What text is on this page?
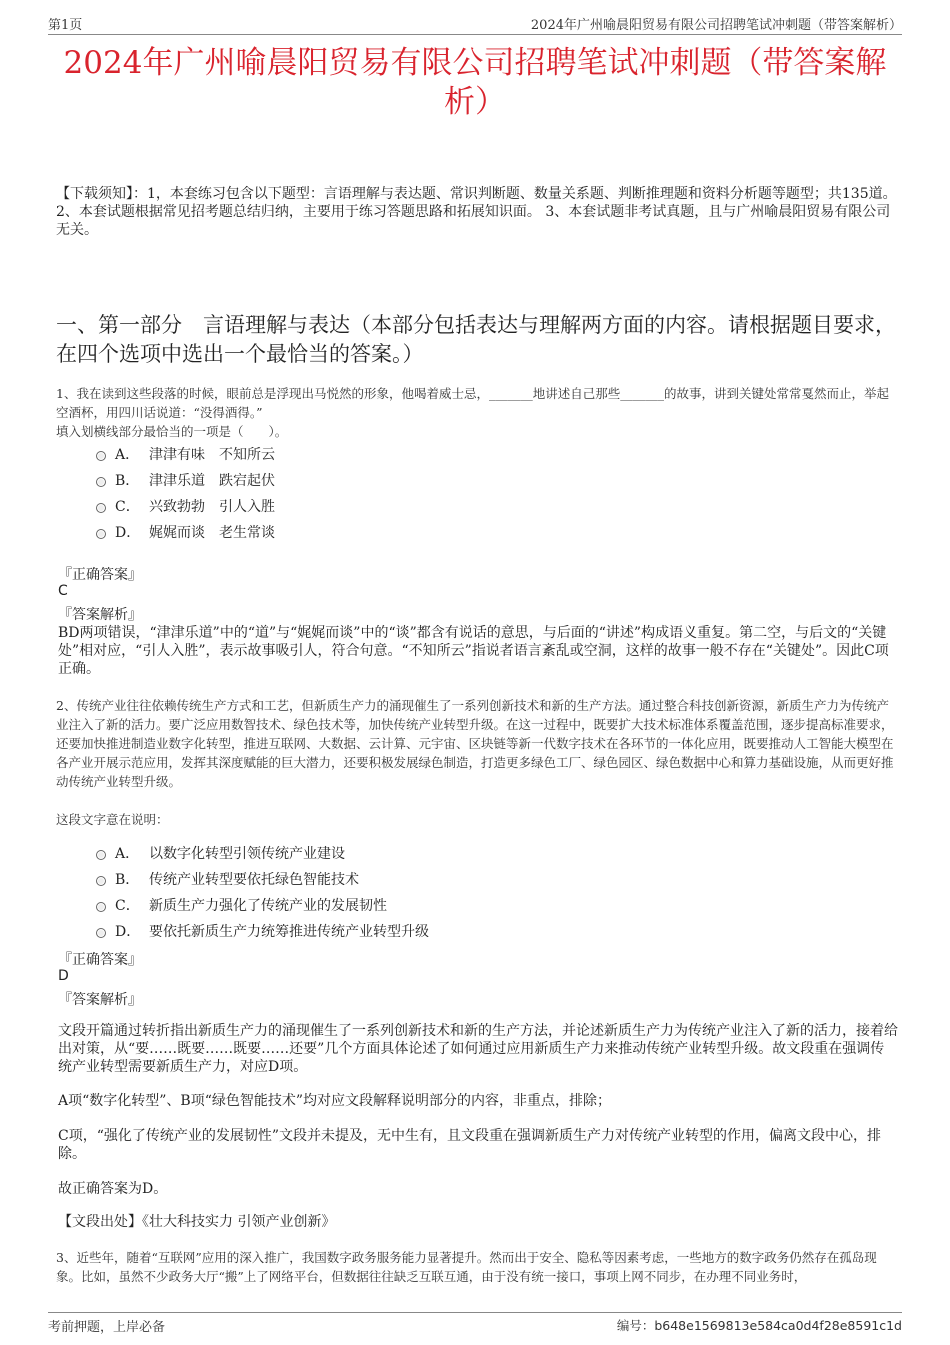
第1页	2024年广州喻晨阳贸易有限公司招聘笔试冲刺题（带答案解析）
2024年广州喻晨阳贸易有限公司招聘笔试冲刺题（带答案解析）
【下载须知】：1，本套练习包含以下题型：言语理解与表达题、常识判断题、数量关系题、判断推理题和资料分析题等题型；共135道。 2、本套试题根据常见招考题总结归纳，主要用于练习答题思路和拓展知识面。 3、本套试题非考试真题，且与广州喻晨阳贸易有限公司无关。
一、第一部分　言语理解与表达（本部分包括表达与理解两方面的内容。请根据题目要求，在四个选项中选出一个最恰当的答案。）
1、我在读到这些段落的时候，眼前总是浮现出马悦然的形象，他喝着威士忌，_______地讲述自己那些_______的故事，讲到关键处常常戛然而止，举起空酒杯，用四川话说道：“没得酒得。”
填入划横线部分最恰当的一项是（　　）。
A． 津津有味　不知所云
B． 津津乐道　跌宕起伏
C． 兴致勃勃　引人入胜
D． 娓娓而谈　老生常谈
『正确答案』
C
『答案解析』
BD两项错误，“津津乐道”中的“道”与“娓娓而谈”中的“谈”都含有说话的意思，与后面的“讲述”构成语义重复。第二空，与后文的“关键处”相对应，“引人入胜”，表示故事吸引人，符合句意。“不知所云”指说者语言紊乱或空洞，这样的故事一般不存在“关键处”。因此C项正确。
2、传统产业往往依赖传统生产方式和工艺，但新质生产力的涌现催生了一系列创新技术和新的生产方法。通过整合科技创新资源，新质生产力为传统产业注入了新的活力。要广泛应用数智技术、绿色技术等，加快传统产业转型升级。在这一过程中，既要扩大技术标准体系覆盖范围，逐步提高标准要求，还要加快推进制造业数字化转型，推进互联网、大数据、云计算、元宇宙、区块链等新一代数字技术在各环节的一体化应用，既要推动人工智能大模型在各产业开展示范应用，发挥其深度赋能的巨大潜力，还要积极发展绿色制造，打造更多绿色工厂、绿色园区、绿色数据中心和算力基础设施，从而更好推动传统产业转型升级。
这段文字意在说明：
A． 以数字化转型引领传统产业建设
B． 传统产业转型要依托绿色智能技术
C． 新质生产力强化了传统产业的发展韧性
D． 要依托新质生产力统筹推进传统产业转型升级
『正确答案』
D
『答案解析』
文段开篇通过转折指出新质生产力的涌现催生了一系列创新技术和新的生产方法，并论述新质生产力为传统产业注入了新的活力，接着给出对策，从“要……既要……既要……还要”几个方面具体论述了如何通过应用新质生产力来推动传统产业转型升级。故文段重在强调传统产业转型需要新质生产力，对应D项。
A项“数字化转型”、B项“绿色智能技术”均对应文段解释说明部分的内容，非重点，排除；
C项，“强化了传统产业的发展韧性”文段并未提及，无中生有，且文段重在强调新质生产力对传统产业转型的作用，偏离文段中心，排除。
故正确答案为D。
【文段出处】《壮大科技实力 引领产业创新》
3、近些年，随着“互联网”应用的深入推广，我国数字政务服务能力显著提升。然而出于安全、隐私等因素考虑，一些地方的数字政务仍然存在孤岛现象。比如，虽然不少政务大厅“搬”上了网络平台，但数据往往缺乏互联互通，由于没有统一接口，事项上网不同步，在办理不同业务时，
考前押题，上岸必备	编号：b648e1569813e584ca0d4f28e8591c1d
